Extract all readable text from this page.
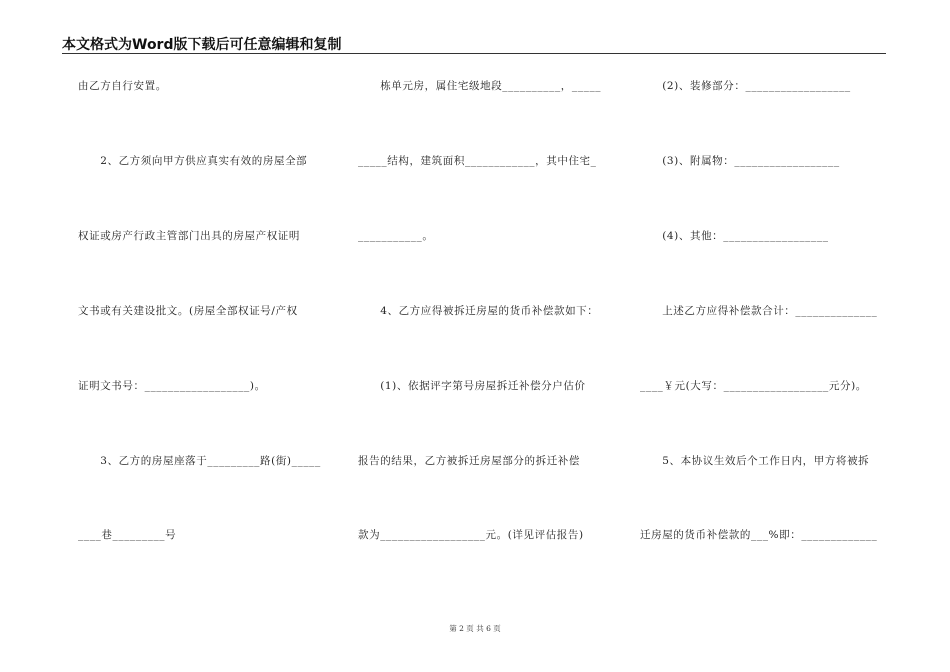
本文格式为Word版下载后可任意编辑和复制
由乙方自行安置。
　　2、乙方须向甲方供应真实有效的房屋全部
权证或房产行政主管部门出具的房屋产权证明
文书或有关建设批文。(房屋全部权证号/产权
证明文书号：__________________)。
　　3、乙方的房屋座落于_________路(街)_____
____巷_________号
　　栋单元房，属住宅级地段__________，_____
_____结构，建筑面积____________，其中住宅_
___________。
　　4、乙方应得被拆迁房屋的货币补偿款如下：
　　(1)、依据评字第号房屋拆迁补偿分户估价
报告的结果，乙方被拆迁房屋部分的拆迁补偿
款为__________________元。(详见评估报告)
　　(2)、装修部分：__________________
　　(3)、附属物：__________________
　　(4)、其他：__________________
　　上述乙方应得补偿款合计：______________
____￥元(大写：__________________元分)。
　　5、本协议生效后个工作日内，甲方将被拆
迁房屋的货币补偿款的___%即：_____________
第 2 页 共 6 页
